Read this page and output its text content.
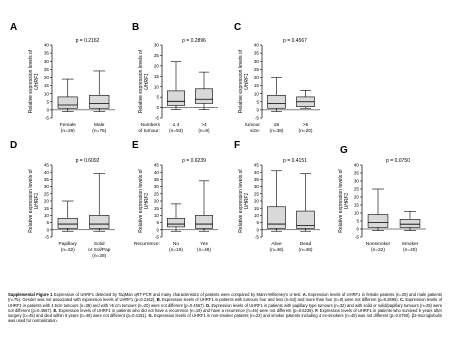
A
p = 0.2162
-5
0
5
10
15
20
25
30
35
40
Relative expression levels of UHRF1
Female
(n=29)
Male
(n=75)
B
p = 0.2896
-5
0
5
10
15
20
25
30
Relative expression levels of UHRF1
≤ 4
(n=53)
>4
(n=9)
Numbers
of tumour:
C
p = 0.4567
-5
0
5
10
15
20
25
30
35
40
Relative expression levels of UHRF1
≤5
(n=38)
>5
(n=20)
tumour
size:
D
p = 0.6092
-5
0
5
10
15
20
25
30
35
40
45
Relative expression levels of UHRF1
Papillary
(n=32)
Solid
or Sol/Pap
(n=28)
E
p = 0.6239
-5
0
5
10
15
20
25
30
35
40
45
Relative expression levels of UHRF1
No
(n=19)
Yes
(n=46)
Recurrence:
F
p = 0.4151
-5
0
5
10
15
20
25
30
35
40
45
Relative expression levels of UHRF1
Alive
(n=46)
Dead
(n=48)
G
p = 0.0750
-5
0
5
10
15
20
25
30
35
40
Relative expression levels of UHRF1
Nonsmoker
(n=22)
Smoker
(n=40)
Supplemental Figure 1 Expression of UHRF1 detected by TaqMan qRT-PCR and many characteristics of patients were compared by Mann-Whiteney's U-test. A. Expression levels of UHRF1 in female patients (n=29) and male patients (n=75). Gender was not associated with expression levels of UHRF1 (p=0.2162). B. Expression levels of UHRF1 in patients with tumours four and less (n=53) and more than four (n=9) were not different (p=0.2896). C. Expression levels of UHRF1 in patients with 4.5cm tumours (n=38) and with >5 cm tumours (n=20) were not different (p=0.4567). D. Expression levels of UHRF1 in patients with papillary type tumours (n=32) and with solid or solid/papillary tumours (n=28) were not different (p=0.4567). E. Expression levels of UHRF1 in patients who did not have a recurrence (n=19) and have a recurrence (n=46) were not different (p=0.6239). F. Expression levels of UHRF1 in patients who survived 5 years after surgery (n=45) and died within 5 years (n=48) were not different (p=0.4151). G. Expression levels of UHRF1 in non-smoker patients (n=22) and smoker patients including 4 ex-smokers (n=40) was not different (p=0.0750). β2-microglobulin was used for normalization.
